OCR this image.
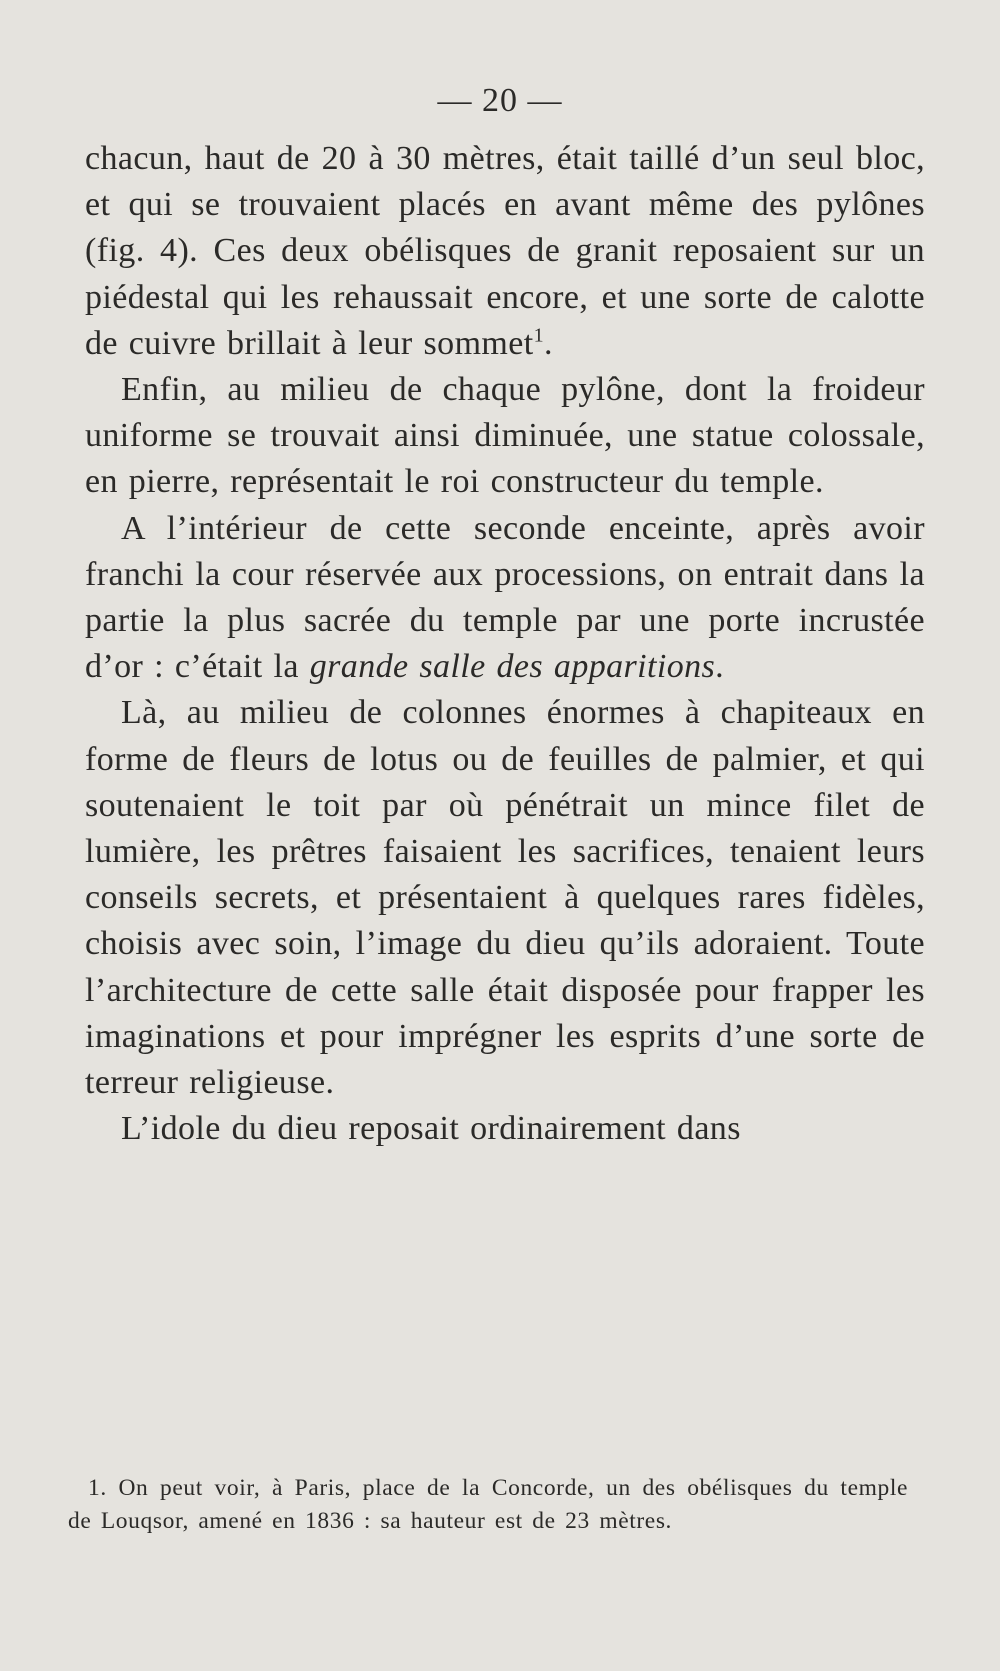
— 20 —

chacun, haut de 20 à 30 mètres, était taillé d’un seul bloc, et qui se trouvaient placés en avant même des pylônes (fig. 4). Ces deux obélisques de granit reposaient sur un piédestal qui les rehaussait encore, et une sorte de calotte de cuivre brillait à leur sommet$^1$.

Enfin, au milieu de chaque pylône, dont la froideur uniforme se trouvait ainsi diminuée, une statue colossale, en pierre, représentait le roi constructeur du temple.

A l’intérieur de cette seconde enceinte, après avoir franchi la cour réservée aux processions, on entrait dans la partie la plus sacrée du temple par une porte incrustée d’or : c’était la grande salle des apparitions.

Là, au milieu de colonnes énormes à chapiteaux en forme de fleurs de lotus ou de feuilles de palmier, et qui soutenaient le toit par où pénétrait un mince filet de lumière, les prêtres faisaient les sacrifices, tenaient leurs conseils secrets, et présentaient à quelques rares fidèles, choisis avec soin, l’image du dieu qu’ils adoraient. Toute l’architecture de cette salle était disposée pour frapper les imaginations et pour imprégner les esprits d’une sorte de terreur religieuse.

L’idole du dieu reposait ordinairement dans

1. On peut voir, à Paris, place de la Concorde, un des obélisques du temple de Louqsor, amené en 1836 : sa hauteur est de 23 mètres.
